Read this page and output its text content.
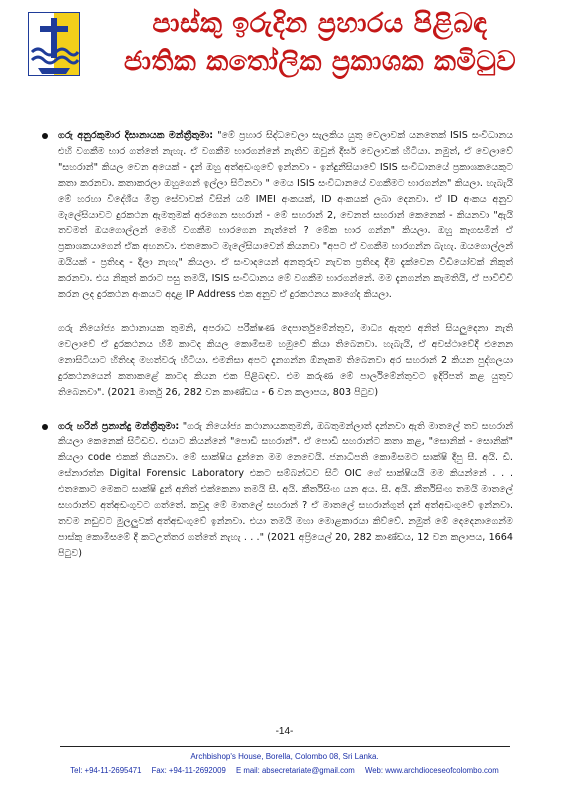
පාස්කු ඉරුදින ප්‍රහාරය පිළිබඳ
ජාතික කතෝලික ප්‍රකාශක කමිටුව

ගරු අනුරකුමාර දිසානායක මන්ත්‍රීතුමා: "මේ ප්‍රහාර සිද්ධවෙලා සැලකිය යුතු වෙලාවක් යනතෙක් ISIS සංවිධානය එහි වගකීම භාර ගත්තේ නැහැ. ඒ වගකීම භාරගන්නේ නැතිව ඔවුන් දීර්ඝ වෙලාවක් හිටියා. නමුත්, ඒ වෙලාවේ "සහරාන්" කියල වෙන අයෙක් - දැන් ඔහු අත්අඩංගුවේ ඉන්නවා - ඉන්දුනීසියාවේ ISIS සංවිධානයේ ප්‍රකාශකයෙකුට කතා කරනවා. කතාකරලා ඔහුගෙන් ඉල්ලා සිටිනවා " මෙය ISIS සංවිධානයේ වගකීමට භාරගන්න" කියලා. හැබැයි මේ හරහා විදේශීය මිත්‍ර සේවාවක් විසින් යම් IMEI අංකයක්, ID අංකයක් ලබා දෙනවා. ඒ ID අංකය අනුව මැලේසියාවට දුරකථන ඇමතුමක් අරගෙන සහරාන් - මේ සහරාන් 2, වෙනත් සහරාන් කෙනෙක් - කියනවා "ඇයි තවමත් ඔයගොල්ලන් මෙහි වගකීම භාරගෙන නැත්තේ ? මේක භාර ගන්න" කියලා. ඔහු කෑගසමින් ඒ ප්‍රකාශකයාගෙන් ඒක අහනවා. එතකොට මැලේසියාවෙන් කියනවා "අපට ඒ වගකීම භාරගන්න බැහැ. ඔයගොල්ලන් ඔයියක් - ප්‍රතිඥා - දීලා නැහැ" කියලා. ඒ සංවාදයෙන් අනතුරුව නැවත ප්‍රතිඥා දීම දැක්වෙන වීඩියෝවක් නිකුත් කරනවා. එය නිකුත් කරාට පසු තමයි, ISIS සංවිධානය මේ වගකීම භාරගන්නේ. මම දැනගන්න කැමතියි, ඒ පාවිච්චි කරන ලද දුරකථන අංකයට අදාළ IP Address එක අනුව ඒ දුරකථනය කාගේද කියලා.

ගරු නියෝජ්‍ය කථානායක තුමනි, අපරාධ පරීක්ෂණ දෙපාර්තුමේන්තුව, මාධ්‍ය ඇතුළු අනිත් සියලුදෙනා නැති වෙලාවේ ඒ දුරකථනය හිමි කාටද කියල කොමිසම හමුවේ කියා තිබෙනවා. හැබැයි, ඒ අවස්ථාවේදී එනෙන නොසිටියාට හිතිඥ මහත්වරු හිටියා. එමනිසා අපට දැනගන්න ඕනෑකම තිබෙනවා අර සහරාන් 2 කියන පුද්ගලයා දුරකථනයෙන් කතාකළේ කාටද කියන එක පිළිබඳව. එම කරුණ මේ පාර්ලිමේන්තුවට ඉදිරිපත් කළ යුතුව තිබෙනවා". (2021 මාර්තු 26, 282 වන කාණ්ඩය - 6 වන කලාපය, 803 පිටුව)

ගරු හරින් ප්‍රනාන්දු මන්ත්‍රීතුමා: "ගරු නියෝජ්‍ය කථානායකතුමනි, ඔබතුමන්ලාත් දන්නවා ඇති මාතලේ තව සහරාන් කියලා කෙනෙක් සිටිඩව. එයාට කියන්නේ "පොඩි සහරාන්". ඒ පොඩි සහරාන්ට කතා කළ, "සොනික් - සොනික්" කියලා code එකක් තියනවා. මේ සාක්ෂිය දුන්නෙ මම නෙවෙයි. ජනාධිපති කොමිසමට සාක්ෂි දීපු සී. අයි. ඩී. සේනාරත්න Digital Forensic Laboratory එකට සම්බන්ධව සිටි OIC ගේ සාක්ෂියයි මම කියන්නේ . . . එතකොට මෙකට සාක්ෂි දුන් අනිත් එක්කෙනා තමයි සී. අයි. කීර්තිසිංහ යන අය. සී. අයි. කීර්තිසිංහ තමයි මාතලේ සහරාන්ව අත්අඩංගුවට ගත්තේ. කවුද මේ මාතලේ සහරාන් ? ඒ මාතලේ සහරාන්ගුත් දැන් අත්අඩංගුවේ ඉන්නවා. තවම නඩුවට මුලලුවක් අත්අඩංගුවේ ඉන්නවා. එයා තමයි මහා මොළකාරයා කිව්වේ. නමුත් මේ දෙදෙනාගෙන්ම පාස්කු කොමිසමේ දී කටඋත්තර ගත්තේ නැහැ . . ." (2021 අප්‍රියෙල් 20, 282 කාණ්ඩය, 12 වන කලාපය, 1664 පිටුව)

-14-
Archbishop's House, Borella, Colombo 08, Sri Lanka.
Tel: +94-11-2695471 Fax: +94-11-2692009 E mail: absecretariate@gmail.com Web: www.archdioceseofcolombo.com
